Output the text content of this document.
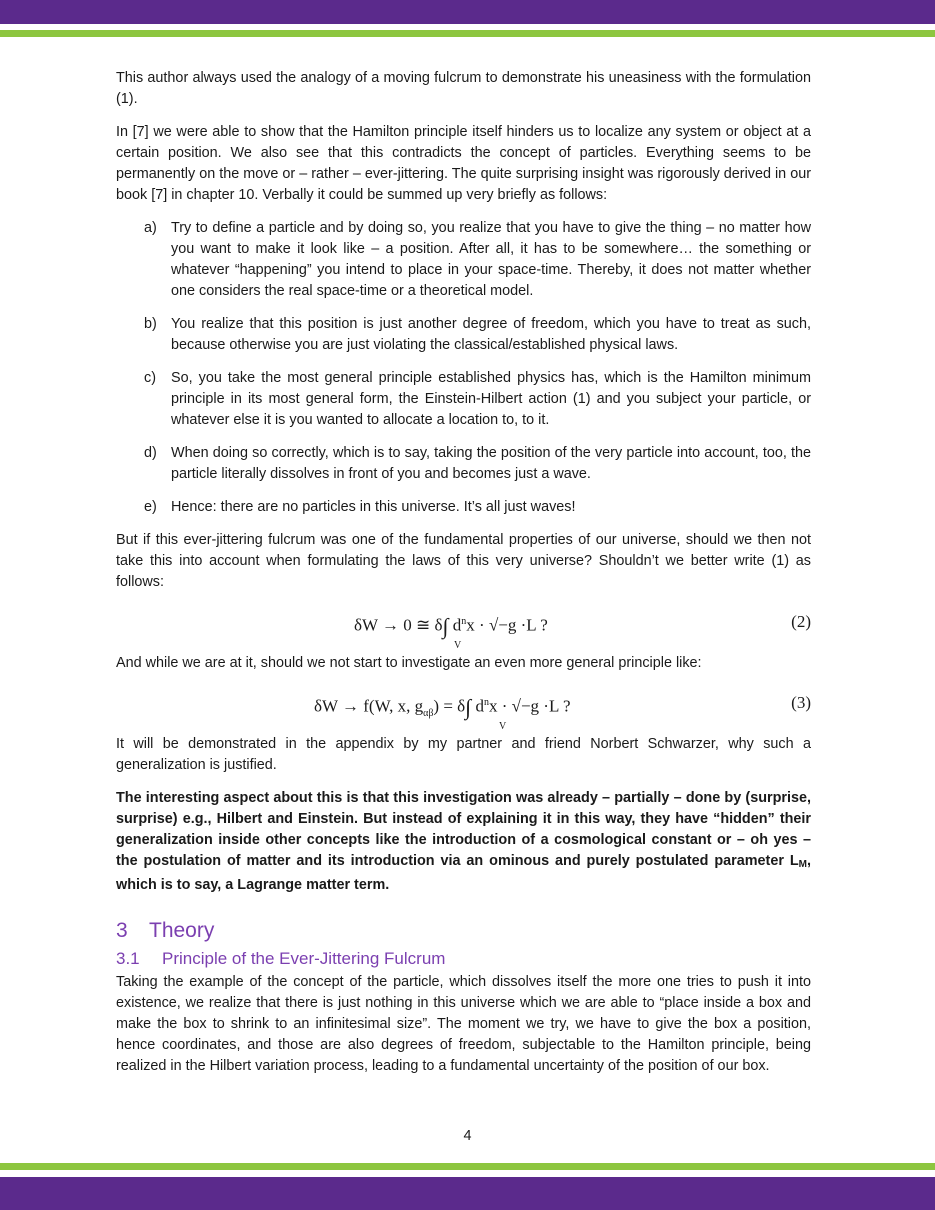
This author always used the analogy of a moving fulcrum to demonstrate his uneasiness with the formulation (1).

In [7] we were able to show that the Hamilton principle itself hinders us to localize any system or object at a certain position. We also see that this contradicts the concept of particles. Everything seems to be permanently on the move or – rather – ever-jittering. The quite surprising insight was rigorously derived in our book [7] in chapter 10. Verbally it could be summed up very briefly as follows:

a) Try to define a particle and by doing so, you realize that you have to give the thing – no matter how you want to make it look like – a position. After all, it has to be somewhere… the something or whatever “happening” you intend to place in your space-time. Thereby, it does not matter whether one considers the real space-time or a theoretical model.
b) You realize that this position is just another degree of freedom, which you have to treat as such, because otherwise you are just violating the classical/established physical laws.
c) So, you take the most general principle established physics has, which is the Hamilton minimum principle in its most general form, the Einstein-Hilbert action (1) and you subject your particle, or whatever else it is you wanted to allocate a location to, to it.
d) When doing so correctly, which is to say, taking the position of the very particle into account, too, the particle literally dissolves in front of you and becomes just a wave.
e) Hence: there are no particles in this universe. It’s all just waves!

But if this ever-jittering fulcrum was one of the fundamental properties of our universe, should we then not take this into account when formulating the laws of this very universe? Shouldn’t we better write (1) as follows:

δW → 0 ≅ δ∫ $d^nx \cdot √-g \cdot L$ ?
V
(2)

And while we are at it, should we not start to investigate an even more general principle like:

δW → f(W, x, $g_{\alpha\beta}) = \delta\int$ $d^nx \cdot √-g \cdot L$ ?
V
(3)

It will be demonstrated in the appendix by my partner and friend Norbert Schwarzer, why such a generalization is justified.

The interesting aspect about this is that this investigation was already – partially – done by (surprise, surprise) e.g., Hilbert and Einstein. But instead of explaining it in this way, they have “hidden” their generalization inside other concepts like the introduction of a cosmological constant or – oh yes – the postulation of matter and its introduction via an ominous and purely postulated parameter $L_M$, which is to say, a Lagrange matter term.

3 Theory
3.1 Principle of the Ever-Jittering Fulcrum

Taking the example of the concept of the particle, which dissolves itself the more one tries to push it into existence, we realize that there is just nothing in this universe which we are able to “place inside a box and make the box to shrink to an infinitesimal size”. The moment we try, we have to give the box a position, hence coordinates, and those are also degrees of freedom, subjectable to the Hamilton principle, being realized in the Hilbert variation process, leading to a fundamental uncertainty of the position of our box.

4
